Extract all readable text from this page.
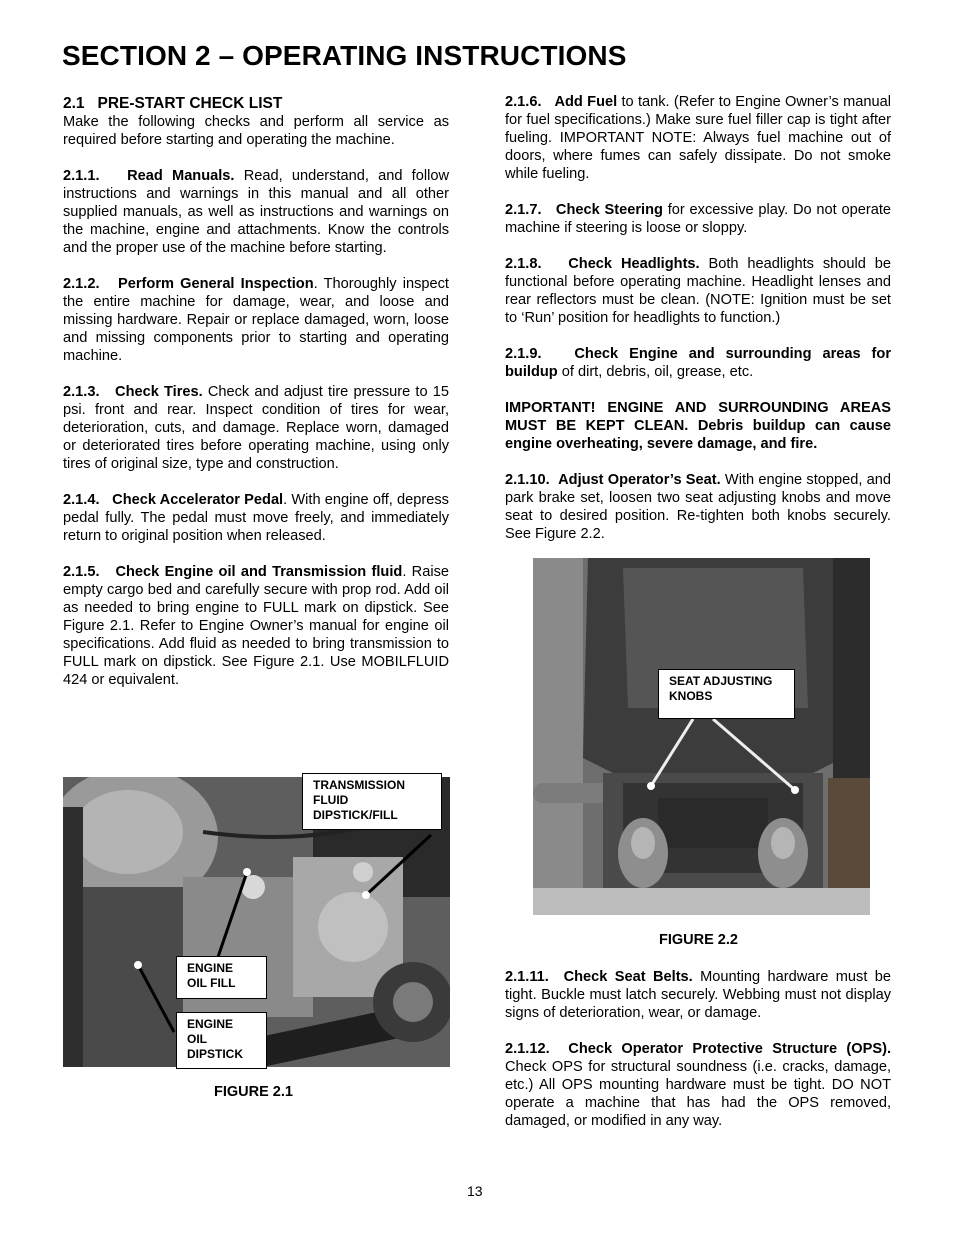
SECTION 2 – OPERATING INSTRUCTIONS
2.1 PRE-START CHECK LIST

Make the following checks and perform all service as required before starting and operating the machine.

2.1.1. Read Manuals. Read, understand, and follow instructions and warnings in this manual and all other supplied manuals, as well as instructions and warnings on the machine, engine and attachments. Know the controls and the proper use of the machine before starting.

2.1.2. Perform General Inspection. Thoroughly inspect the entire machine for damage, wear, and loose and missing hardware. Repair or replace damaged, worn, loose and missing components prior to starting and operating machine.

2.1.3. Check Tires. Check and adjust tire pressure to 15 psi. front and rear. Inspect condition of tires for wear, deterioration, cuts, and damage. Replace worn, damaged or deteriorated tires before operating machine, using only tires of original size, type and construction.

2.1.4. Check Accelerator Pedal. With engine off, depress pedal fully. The pedal must move freely, and immediately return to original position when released.

2.1.5. Check Engine oil and Transmission fluid. Raise empty cargo bed and carefully secure with prop rod. Add oil as needed to bring engine to FULL mark on dipstick. See Figure 2.1. Refer to Engine Owner’s manual for engine oil specifications. Add fluid as needed to bring transmission to FULL mark on dipstick. See Figure 2.1. Use MOBILFLUID 424 or equivalent.

TRANSMISSION FLUID DIPSTICK/FILL
ENGINE OIL FILL
ENGINE OIL DIPSTICK
FIGURE 2.1

2.1.6. Add Fuel to tank. (Refer to Engine Owner’s manual for fuel specifications.) Make sure fuel filler cap is tight after fueling. IMPORTANT NOTE: Always fuel machine out of doors, where fumes can safely dissipate. Do not smoke while fueling.

2.1.7. Check Steering for excessive play. Do not operate machine if steering is loose or sloppy.

2.1.8. Check Headlights. Both headlights should be functional before operating machine. Headlight lenses and rear reflectors must be clean. (NOTE: Ignition must be set to ‘Run’ position for headlights to function.)

2.1.9. Check Engine and surrounding areas for buildup of dirt, debris, oil, grease, etc.

IMPORTANT! ENGINE AND SURROUNDING AREAS MUST BE KEPT CLEAN. Debris buildup can cause engine overheating, severe damage, and fire.

2.1.10. Adjust Operator’s Seat. With engine stopped, and park brake set, loosen two seat adjusting knobs and move seat to desired position. Re-tighten both knobs securely. See Figure 2.2.

SEAT ADJUSTING KNOBS
FIGURE 2.2

2.1.11. Check Seat Belts. Mounting hardware must be tight. Buckle must latch securely. Webbing must not display signs of deterioration, wear, or damage.

2.1.12. Check Operator Protective Structure (OPS). Check OPS for structural soundness (i.e. cracks, damage, etc.) All OPS mounting hardware must be tight. DO NOT operate a machine that has had the OPS removed, damaged, or modified in any way.

13
